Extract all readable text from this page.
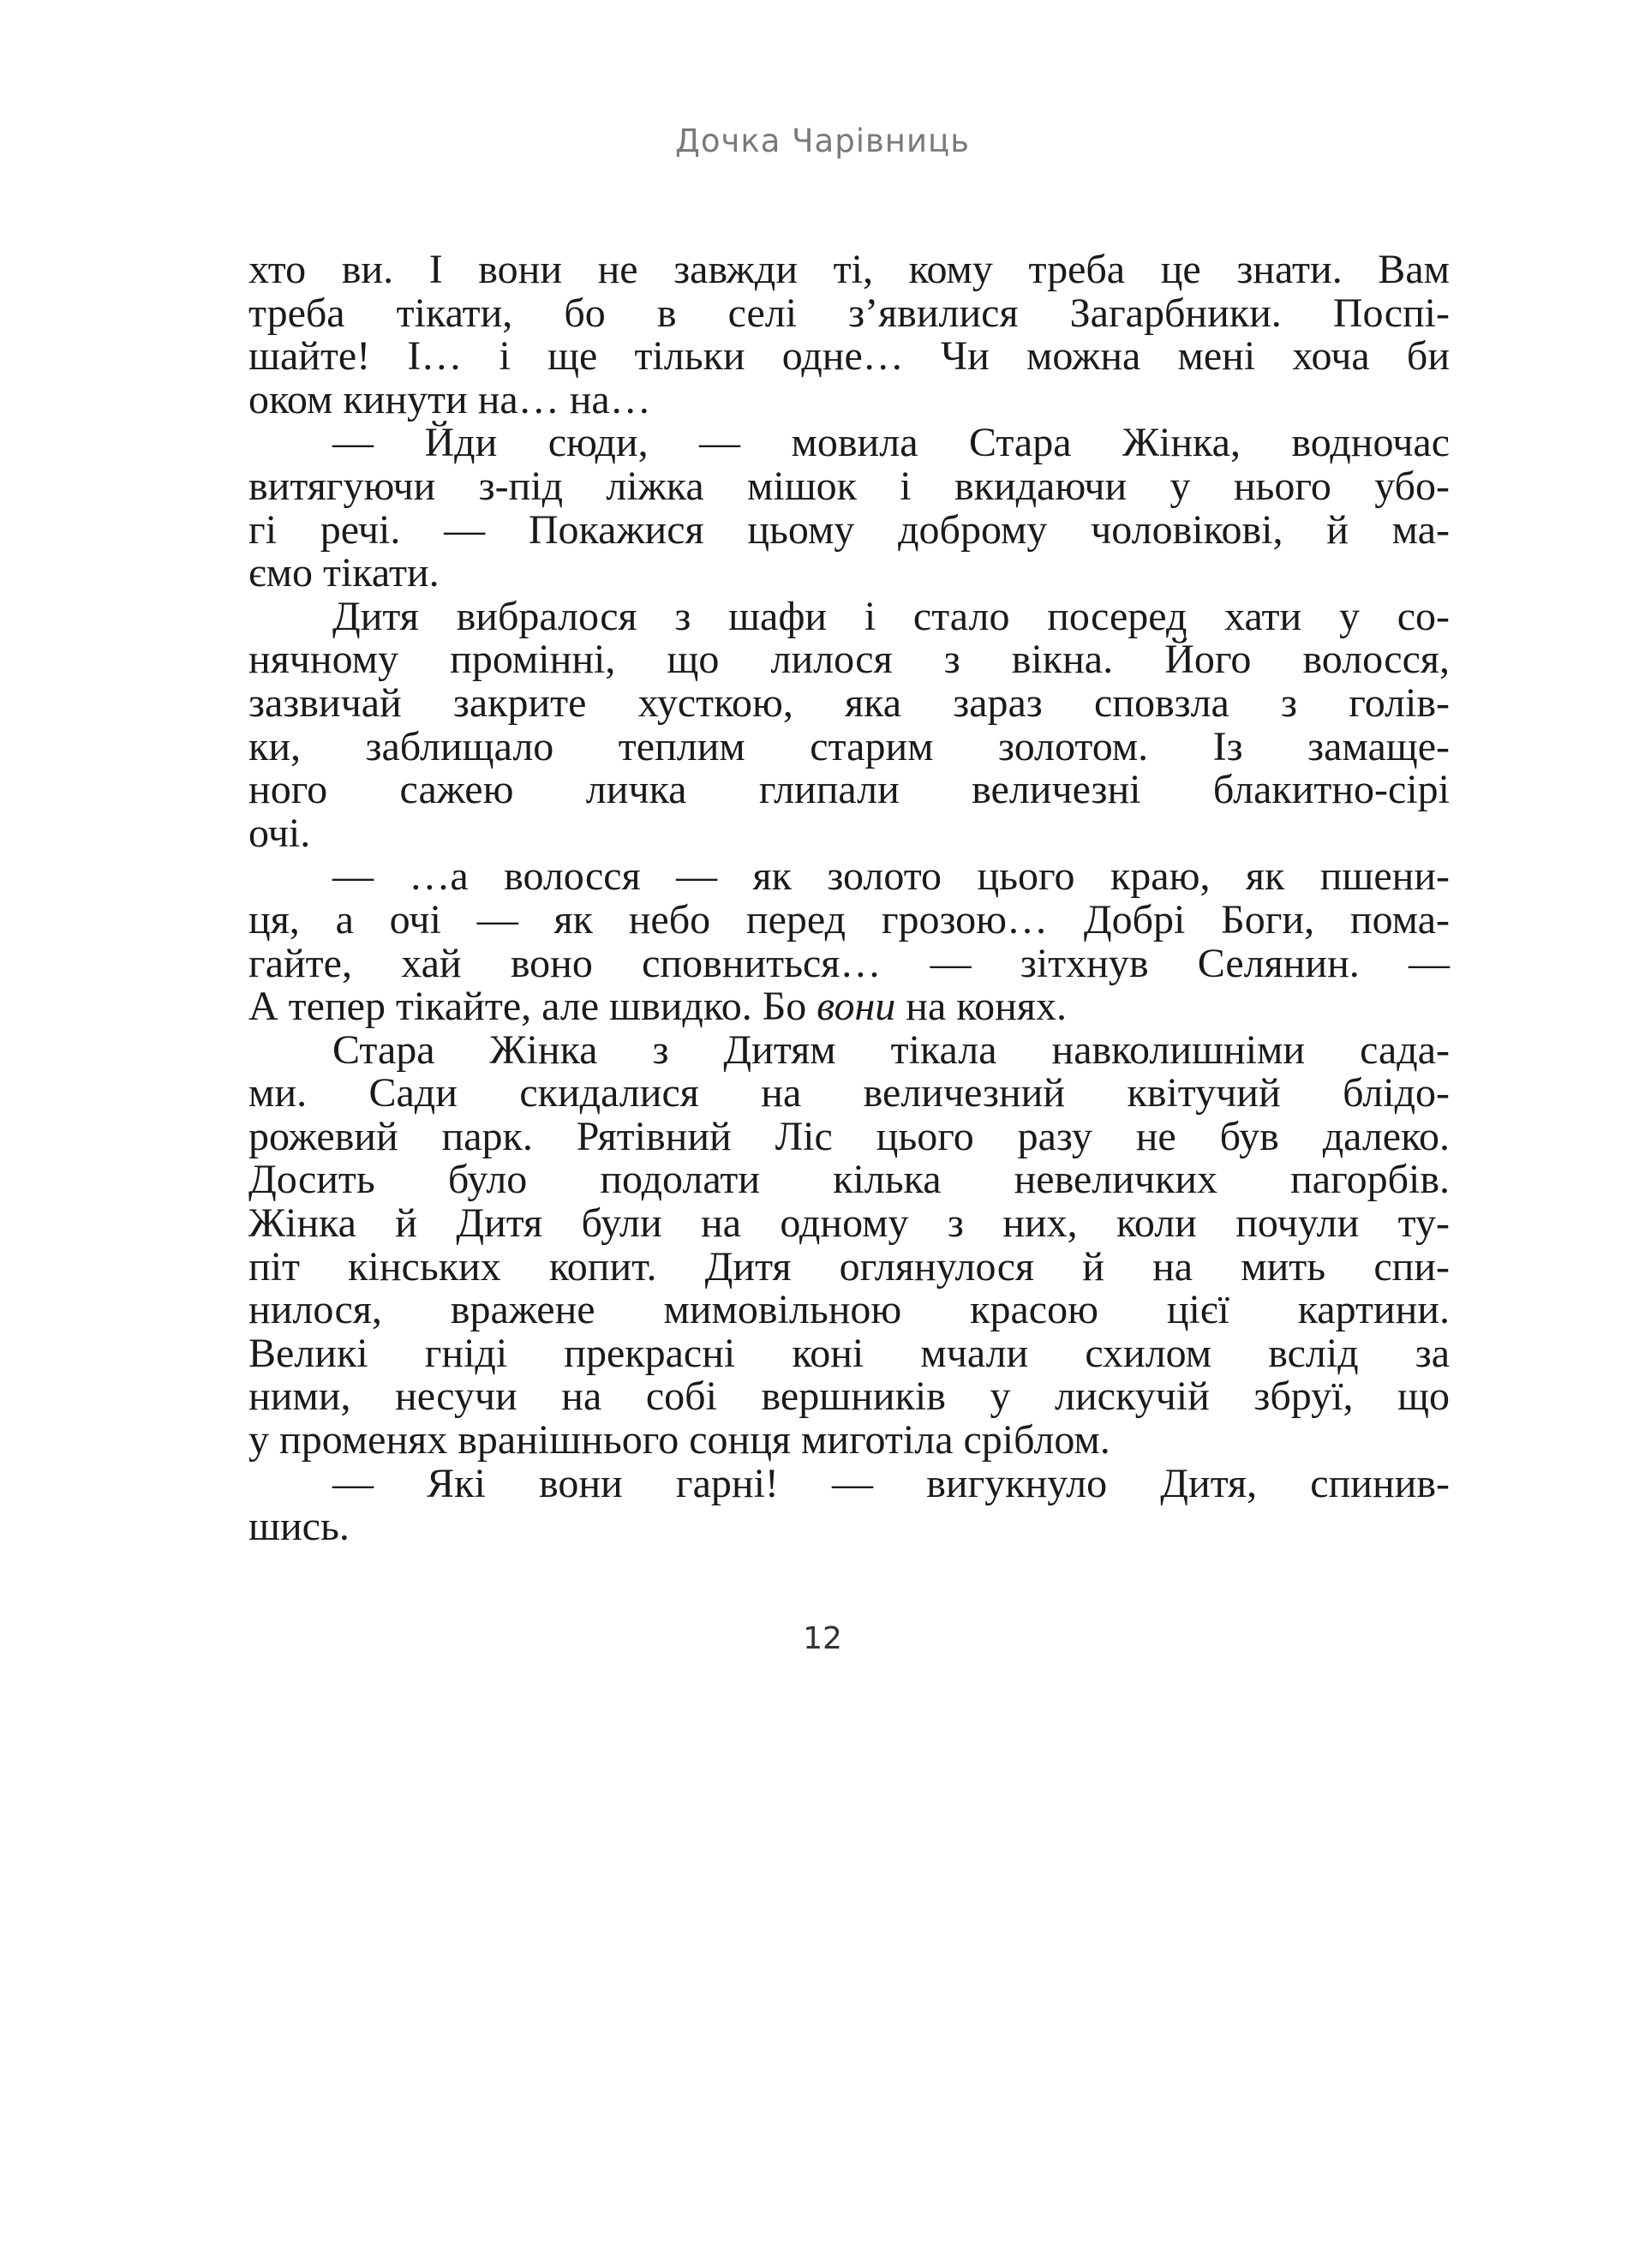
Дочка Чарівниць
хто ви. І вони не завжди ті, кому треба це знати. Вам
треба тікати, бо в селі з’явилися Загарбники. Поспі-
шайте! І… і ще тільки одне… Чи можна мені хоча би
оком кинути на… на…
— Йди сюди, — мовила Стара Жінка, водночас
витягуючи з-під ліжка мішок і вкидаючи у нього убо-
гі речі. — Покажися цьому доброму чоловікові, й ма-
ємо тікати.
Дитя вибралося з шафи і стало посеред хати у со-
нячному промінні, що лилося з вікна. Його волосся,
зазвичай закрите хусткою, яка зараз сповзла з голів-
ки, заблищало теплим старим золотом. Із замаще-
ного сажею личка глипали величезні блакитно-сірі
очі.
— …а волосся — як золото цього краю, як пшени-
ця, а очі — як небо перед грозою… Добрі Боги, пома-
гайте, хай воно сповниться… — зітхнув Селянин. —
А тепер тікайте, але швидко. Бо вони на конях.
Стара Жінка з Дитям тікала навколишніми сада-
ми. Сади скидалися на величезний квітучий блідо-
рожевий парк. Рятівний Ліс цього разу не був далеко.
Досить було подолати кілька невеличких пагорбів.
Жінка й Дитя були на одному з них, коли почули ту-
піт кінських копит. Дитя оглянулося й на мить спи-
нилося, вражене мимовільною красою цієї картини.
Великі гніді прекрасні коні мчали схилом вслід за
ними, несучи на собі вершників у лискучій збруї, що
у променях вранішнього сонця миготіла сріблом.
— Які вони гарні! — вигукнуло Дитя, спинив-
шись.
12
